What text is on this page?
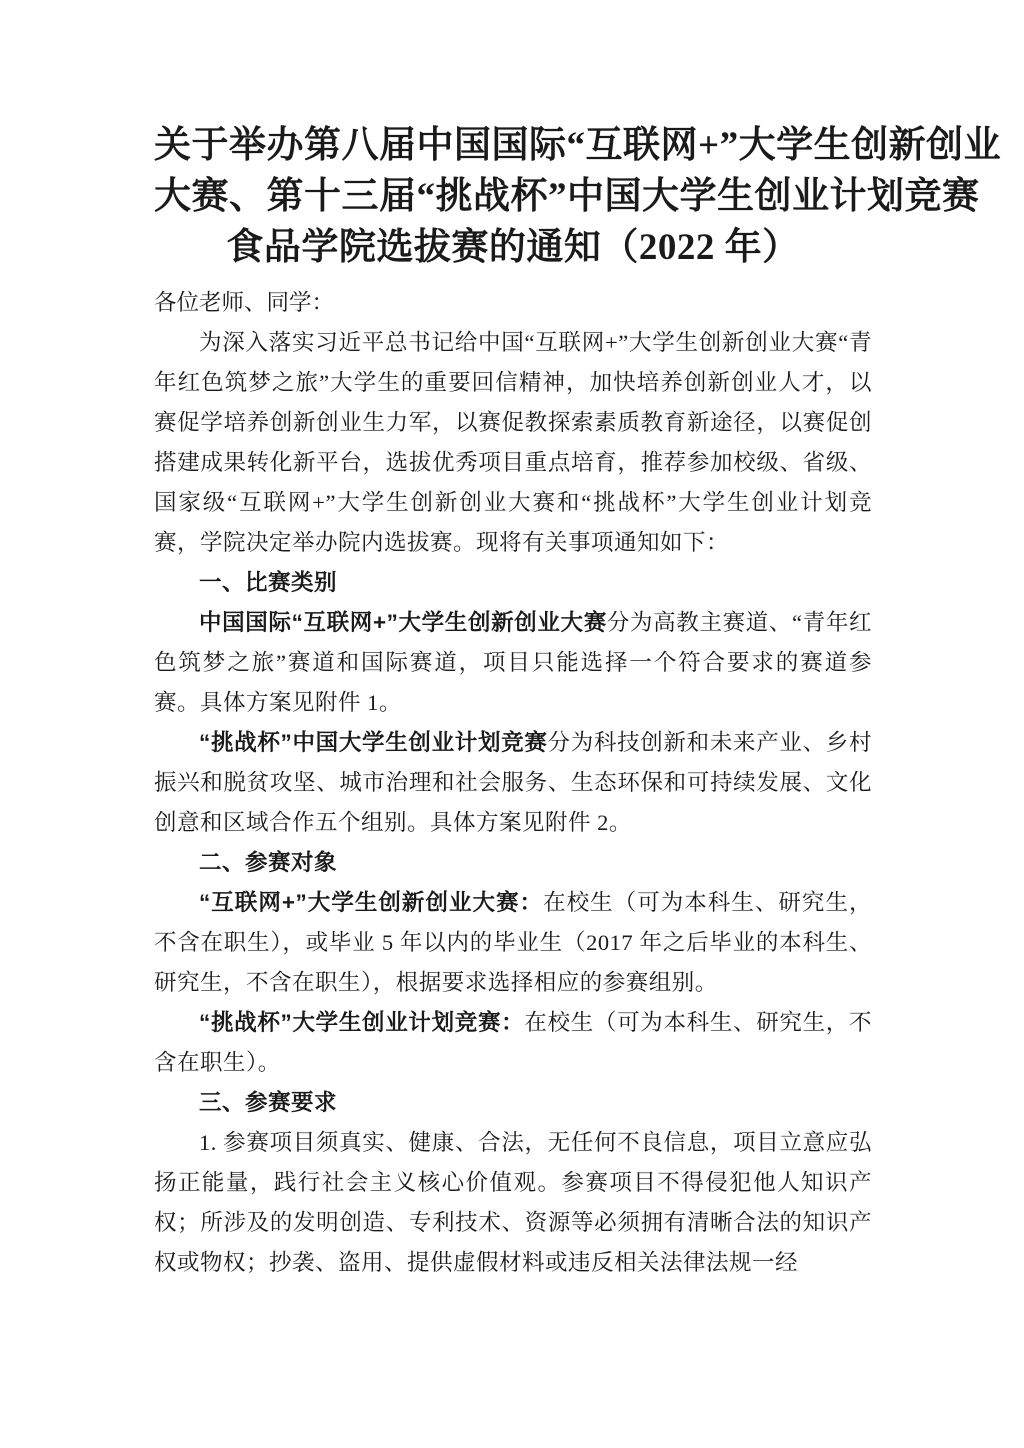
关于举办第八届中国国际“互联网+”大学生创新创业
大赛、第十三届“挑战杯”中国大学生创业计划竞赛
食品学院选拔赛的通知（2022 年）

各位老师、同学：

为深入落实习近平总书记给中国“互联网+”大学生创新创业大赛“青年红色筑梦之旅”大学生的重要回信精神，加快培养创新创业人才，以赛促学培养创新创业生力军，以赛促教探索素质教育新途径，以赛促创搭建成果转化新平台，选拔优秀项目重点培育，推荐参加校级、省级、国家级“互联网+”大学生创新创业大赛和“挑战杯”大学生创业计划竞赛，学院决定举办院内选拔赛。现将有关事项通知如下：

一、比赛类别

中国国际“互联网+”大学生创新创业大赛分为高教主赛道、“青年红色筑梦之旅”赛道和国际赛道，项目只能选择一个符合要求的赛道参赛。具体方案见附件 1。

“挑战杯”中国大学生创业计划竞赛分为科技创新和未来产业、乡村振兴和脱贫攻坚、城市治理和社会服务、生态环保和可持续发展、文化创意和区域合作五个组别。具体方案见附件 2。

二、参赛对象

“互联网+”大学生创新创业大赛：在校生（可为本科生、研究生，不含在职生），或毕业 5 年以内的毕业生（2017 年之后毕业的本科生、研究生，不含在职生），根据要求选择相应的参赛组别。

“挑战杯”大学生创业计划竞赛：在校生（可为本科生、研究生，不含在职生）。

三、参赛要求

1. 参赛项目须真实、健康、合法，无任何不良信息，项目立意应弘扬正能量，践行社会主义核心价值观。参赛项目不得侵犯他人知识产权；所涉及的发明创造、专利技术、资源等必须拥有清晰合法的知识产权或物权；抄袭、盗用、提供虚假材料或违反相关法律法规一经
